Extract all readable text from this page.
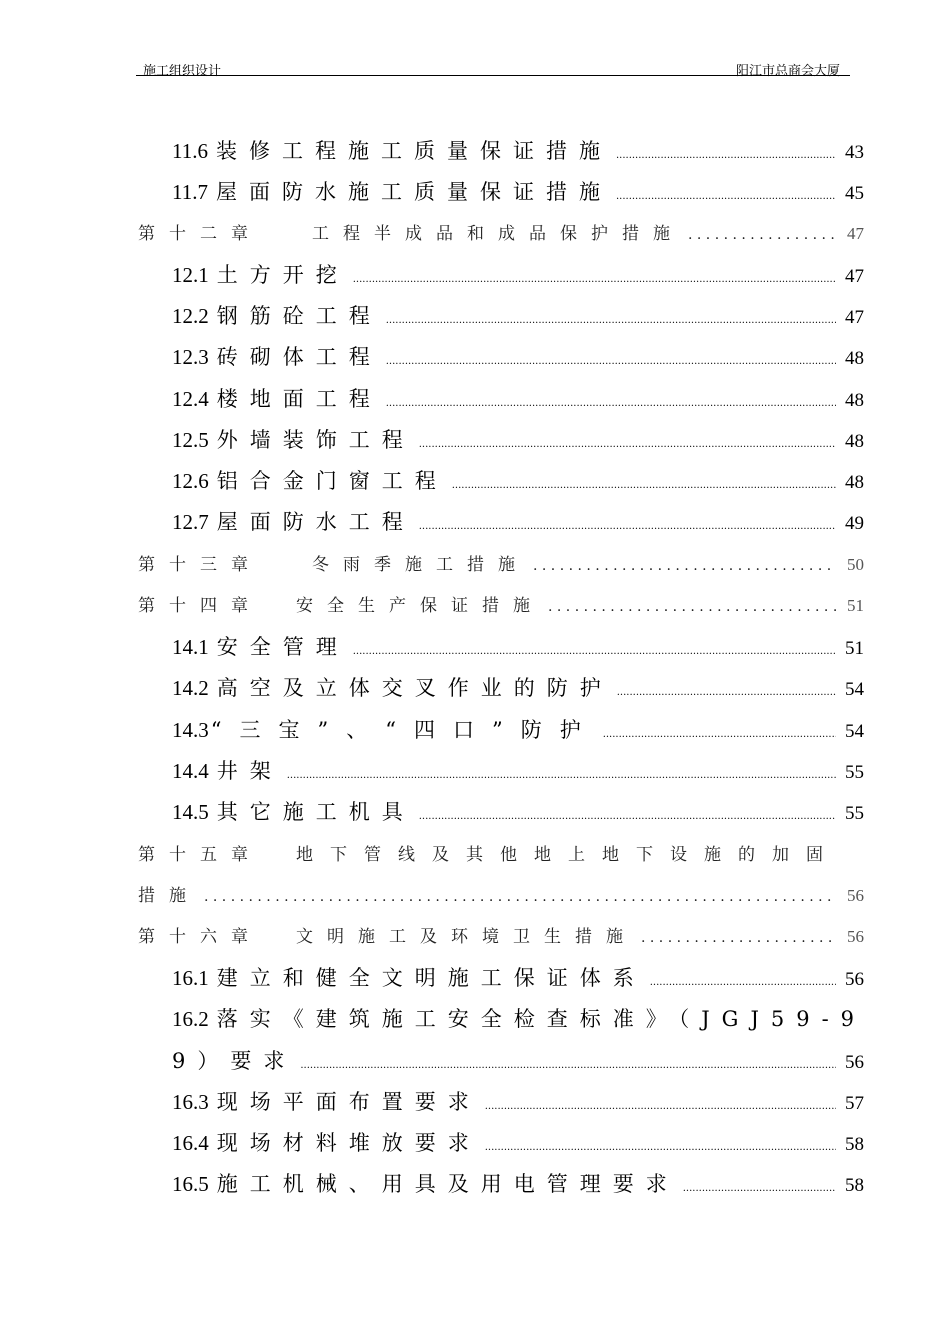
施工组织设计	阳江市总商会大厦
11.6 装修工程施工质量保证措施 .....	43
11.7 屋面防水施工质量保证措施 .....	45
第十二章	工程半成品和成品保护措施 . . .	47
12.1 土方开挖 .....	47
12.2 钢筋砼工程 .....	47
12.3 砖砌体工程 .....	48
12.4 楼地面工程 .....	48
12.5 外墙装饰工程 .....	48
12.6 铝合金门窗工程 .....	48
12.7 屋面防水工程 .....	49
第十三章	冬雨季施工措施 . . .	50
第十四章 安全生产保证措施 . . .	51
14.1 安全管理 .....	51
14.2 高空及立体交叉作业的防护 .....	54
14.3 “三宝”、“四口”防护 .....	54
14.4 井架 .....	55
14.5 其它施工机具 .....	55
第十五章 地下管线及其他地上地下设施的加固
措施 . . .	56
第十六章 文明施工及环境卫生措施 . . .	56
16.1 建立和健全文明施工保证体系 .....	56
16.2 落实《建筑施工安全检查标准》（JGJ59-9
9）要求 .....	56
16.3 现场平面布置要求 .....	57
16.4 现场材料堆放要求 .....	58
16.5 施工机械、用具及用电管理要求 .....	58
